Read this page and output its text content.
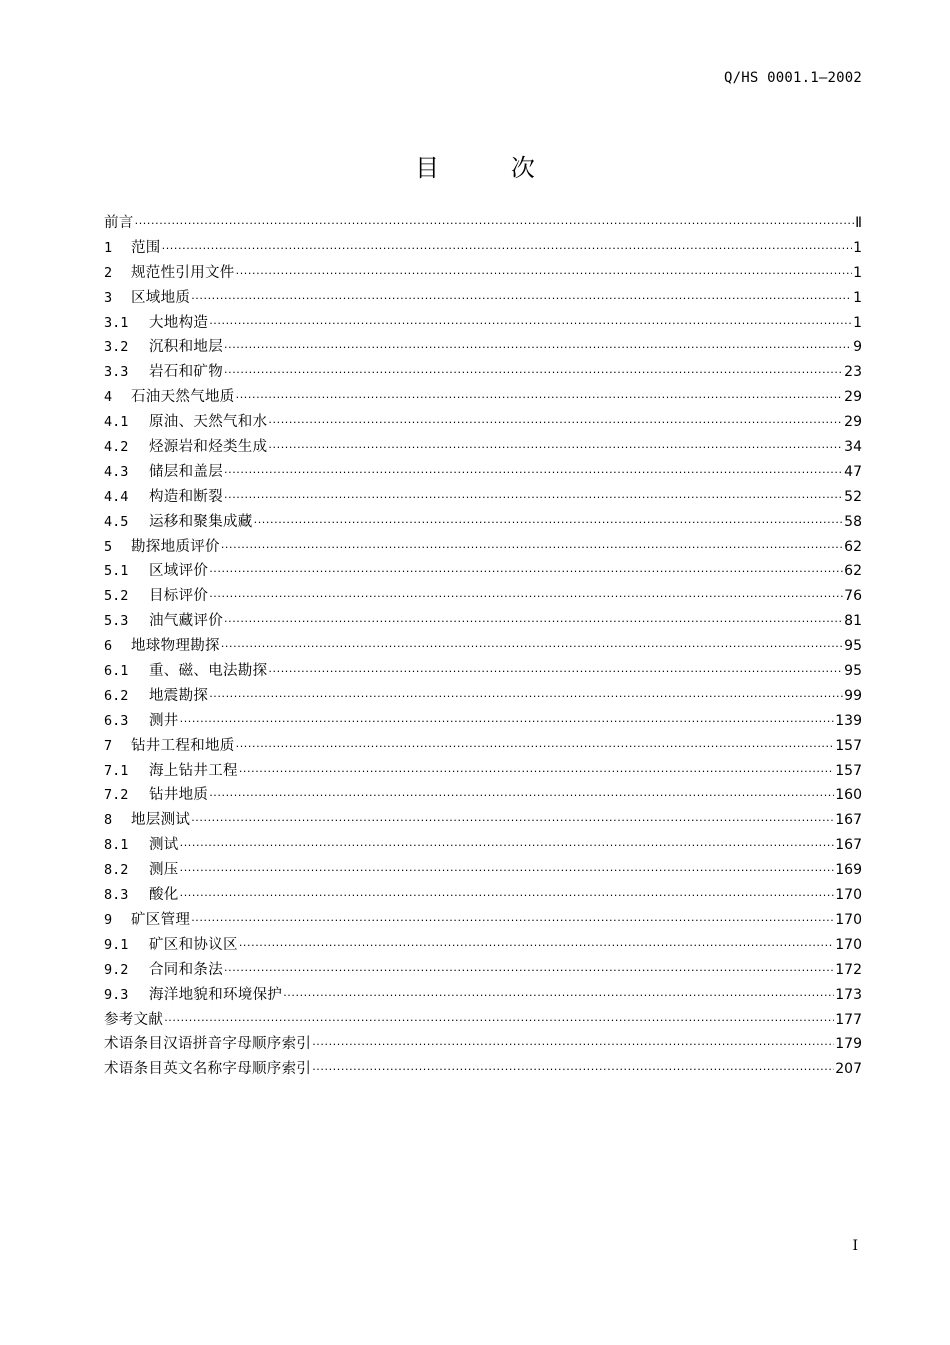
Q/HS 0001.1—2002
目	次
前言 ·····	Ⅱ
1	范围 ·····	1
2	规范性引用文件 ·····	1
3	区域地质 ·····	1
3.1	大地构造 ·····	1
3.2	沉积和地层 ·····	9
3.3	岩石和矿物 ·····	23
4	石油天然气地质 ·····	29
4.1	原油、天然气和水 ·····	29
4.2	烃源岩和烃类生成 ·····	34
4.3	储层和盖层 ·····	47
4.4	构造和断裂 ·····	52
4.5	运移和聚集成藏 ·····	58
5	勘探地质评价 ·····	62
5.1	区域评价 ·····	62
5.2	目标评价 ·····	76
5.3	油气藏评价 ·····	81
6	地球物理勘探 ·····	95
6.1	重、磁、电法勘探 ·····	95
6.2	地震勘探 ·····	99
6.3	测井 ·····	139
7	钻井工程和地质 ·····	157
7.1	海上钻井工程 ·····	157
7.2	钻井地质 ·····	160
8	地层测试 ·····	167
8.1	测试 ·····	167
8.2	测压 ·····	169
8.3	酸化 ·····	170
9	矿区管理 ·····	170
9.1	矿区和协议区 ·····	170
9.2	合同和条法 ·····	172
9.3	海洋地貌和环境保护 ·····	173
参考文献 ·····	177
术语条目汉语拼音字母顺序索引 ·····	179
术语条目英文名称字母顺序索引 ·····	207
I
